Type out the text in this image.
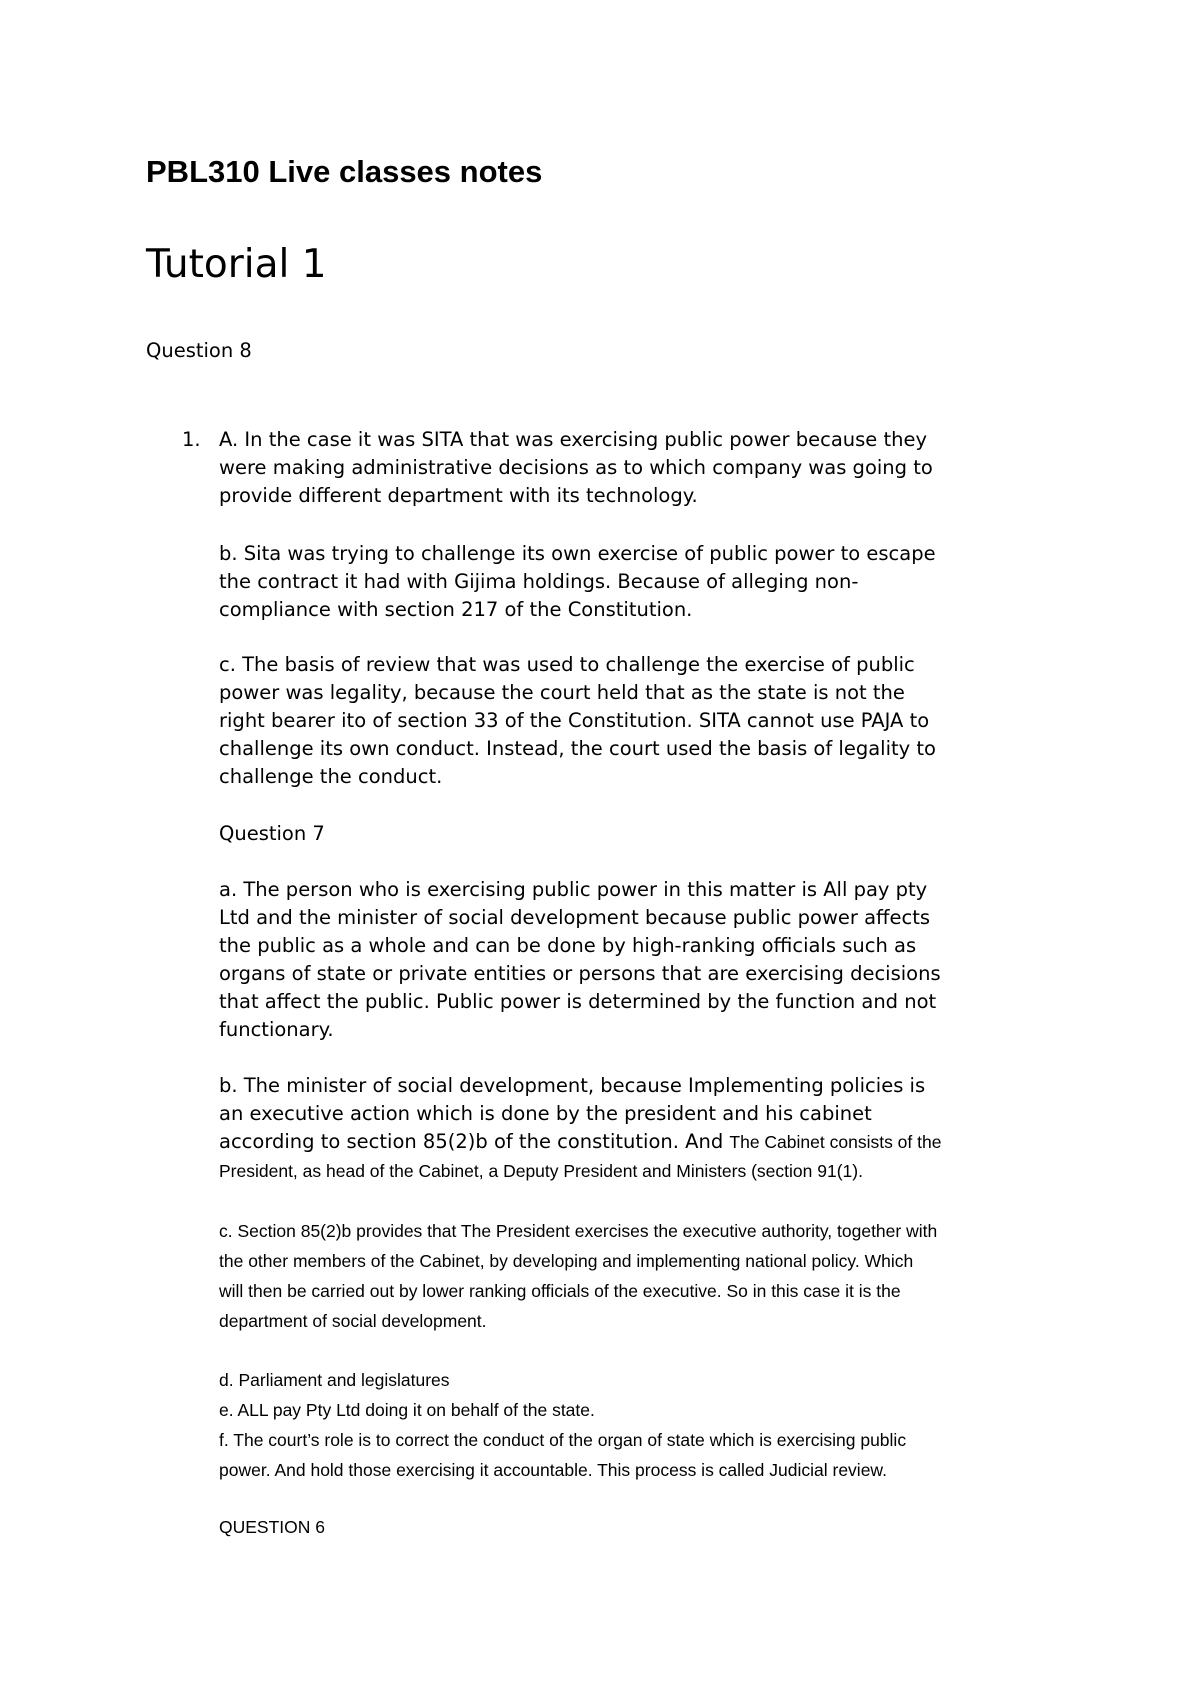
PBL310 Live classes notes
Tutorial 1

Question 8

1. A. In the case it was SITA that was exercising public power because they
were making administrative decisions as to which company was going to
provide different department with its technology.

b. Sita was trying to challenge its own exercise of public power to escape
the contract it had with Gijima holdings. Because of alleging non-
compliance with section 217 of the Constitution.

c. The basis of review that was used to challenge the exercise of public
power was legality, because the court held that as the state is not the
right bearer ito of section 33 of the Constitution. SITA cannot use PAJA to
challenge its own conduct. Instead, the court used the basis of legality to
challenge the conduct.

Question 7

a. The person who is exercising public power in this matter is All pay pty
Ltd and the minister of social development because public power affects
the public as a whole and can be done by high-ranking officials such as
organs of state or private entities or persons that are exercising decisions
that affect the public. Public power is determined by the function and not
functionary.

b. The minister of social development, because Implementing policies is
an executive action which is done by the president and his cabinet
according to section 85(2)b of the constitution. And The Cabinet consists of the
President, as head of the Cabinet, a Deputy President and Ministers (section 91(1).

c. Section 85(2)b provides that The President exercises the executive authority, together with
the other members of the Cabinet, by developing and implementing national policy. Which
will then be carried out by lower ranking officials of the executive. So in this case it is the
department of social development.

d. Parliament and legislatures
e. ALL pay Pty Ltd doing it on behalf of the state.
f. The court’s role is to correct the conduct of the organ of state which is exercising public
power. And hold those exercising it accountable. This process is called Judicial review.

QUESTION 6
